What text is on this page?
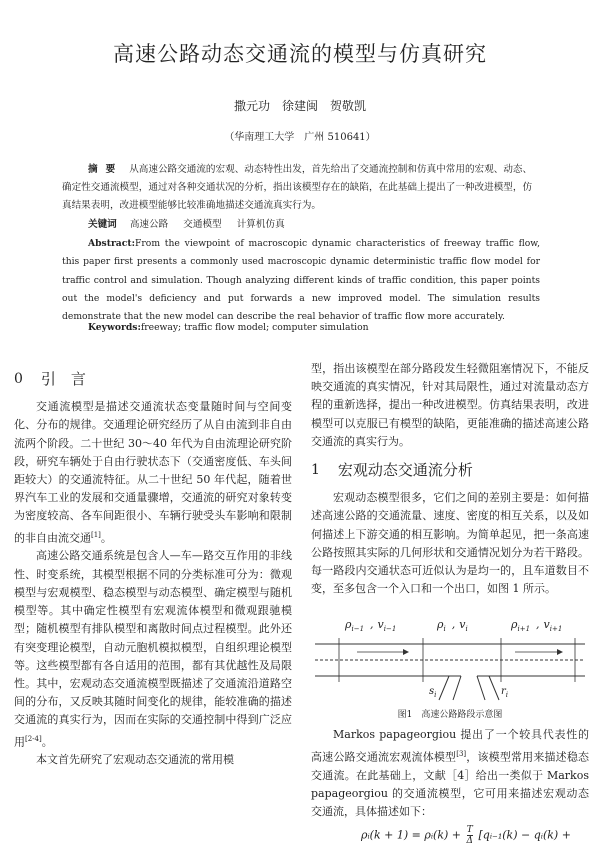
高速公路动态交通流的模型与仿真研究
撒元功　徐建闽　贺敬凯
（华南理工大学　广州 510641）
摘要 从高速公路交通流的宏观、动态特性出发，首先给出了交通流控制和仿真中常用的宏观、动态、确定性交通流模型，通过对各种交通状况的分析，指出该模型存在的缺陷，在此基础上提出了一种改进模型，仿真结果表明，改进模型能够比较准确地描述交通流真实行为。
关键词 高速公路 交通模型 计算机仿真
Abstract:From the viewpoint of macroscopic dynamic characteristics of freeway traffic flow, this paper first presents a commonly used macroscopic dynamic deterministic traffic flow model for traffic control and simulation. Though analyzing different kinds of traffic condition, this paper points out the model's deficiency and put forwards a new improved model. The simulation results demonstrate that the new model can describe the real behavior of traffic flow more accurately.
Keywords:freeway; traffic flow model; computer simulation
0 引　言

交通流模型是描述交通流状态变量随时间与空间变化、分布的规律。交通理论研究经历了从自由流到非自由流两个阶段。二十世纪 30～40 年代为自由流理论研究阶段，研究车辆处于自由行驶状态下（交通密度低、车头间距较大）的交通流特征。从二十世纪 50 年代起，随着世界汽车工业的发展和交通量骤增，交通流的研究对象转变为密度较高、各车间距很小、车辆行驶受头车影响和限制的非自由流交通[1]。

高速公路交通系统是包含人—车—路交互作用的非线性、时变系统，其模型根据不同的分类标准可分为：微观模型与宏观模型、稳态模型与动态模型、确定模型与随机模型等。其中确定性模型有宏观流体模型和微观跟驰模型；随机模型有排队模型和离散时间点过程模型。此外还有突变理论模型，自动元胞机模拟模型，自组织理论模型等。这些模型都有各自适用的范围，都有其优越性及局限性。其中，宏观动态交通流模型既描述了交通流沿道路空间的分布，又反映其随时间变化的规律，能较准确的描述交通流的真实行为，因而在实际的交通控制中得到广泛应用[2-4]。

本文首先研究了宏观动态交通流的常用模

型，指出该模型在部分路段发生轻微阻塞情况下，不能反映交通流的真实情况，针对其局限性，通过对流量动态方程的重新选择，提出一种改进模型。仿真结果表明，改进模型可以克服已有模型的缺陷，更能准确的描述高速公路交通流的真实行为。

1 宏观动态交通流分析

宏观动态模型很多，它们之间的差别主要是：如何描述高速公路的交通流量、速度、密度的相互关系，以及如何描述上下游交通的相互影响。为简单起见，把一条高速公路按照其实际的几何形状和交通情况划分为若干路段。每一路段内交通状态可近似认为是均一的，且车道数目不变，至多包含一个入口和一个出口，如图 1 所示。

$\rho_{i-1}$ , $v_{i-1}$	$\rho_i$ , $v_i$	$\rho_{i+1}$ , $v_{i+1}$
$s_i$	$r_i$
图1　高速公路路段示意图

Markos papageorgiou 提出了一个较具代表性的高速公路交通流宏观流体模型[3]，该模型常用来描述稳态交通流。在此基础上，文献［4］给出一类似于 Markos papageorgiou 的交通流模型，它可用来描述宏观动态交通流，具体描述如下：

ρᵢ(k + 1) = ρᵢ(k) + $\frac{T}{\Delta}$ [qᵢ₋₁(k) − qᵢ(k) +
